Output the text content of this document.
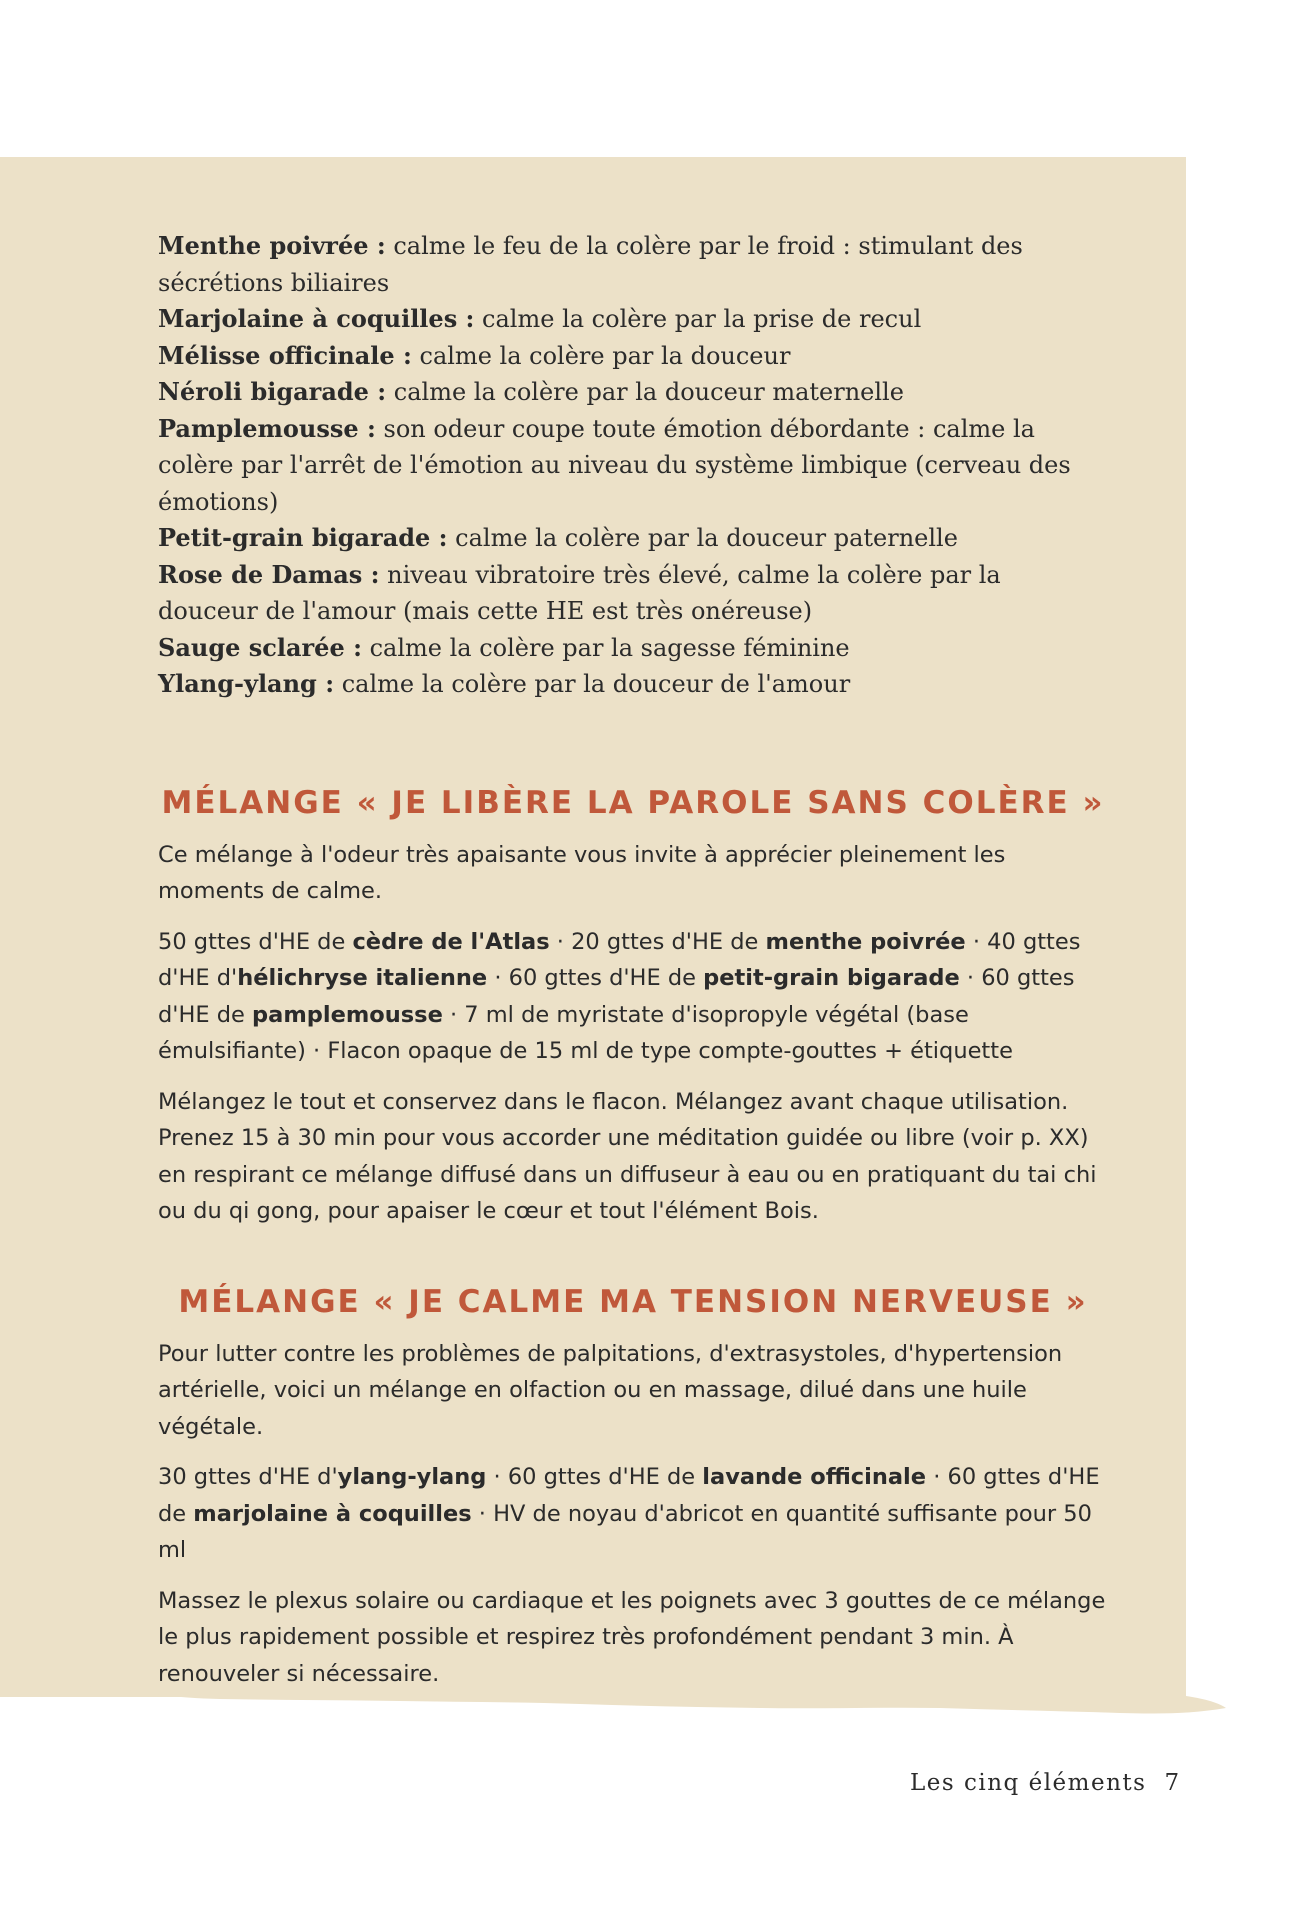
Menthe poivrée : calme le feu de la colère par le froid : stimulant des sécrétions biliaires

Marjolaine à coquilles : calme la colère par la prise de recul

Mélisse officinale : calme la colère par la douceur

Néroli bigarade : calme la colère par la douceur maternelle

Pamplemousse : son odeur coupe toute émotion débordante : calme la colère par l'arrêt de l'émotion au niveau du système limbique (cerveau des émotions)

Petit-grain bigarade : calme la colère par la douceur paternelle

Rose de Damas : niveau vibratoire très élevé, calme la colère par la douceur de l'amour (mais cette HE est très onéreuse)

Sauge sclarée : calme la colère par la sagesse féminine

Ylang-ylang : calme la colère par la douceur de l'amour

MÉLANGE « JE LIBÈRE LA PAROLE SANS COLÈRE »

Ce mélange à l'odeur très apaisante vous invite à apprécier pleinement les moments de calme.

50 gttes d'HE de cèdre de l'Atlas · 20 gttes d'HE de menthe poivrée · 40 gttes d'HE d'hélichryse italienne · 60 gttes d'HE de petit-grain bigarade · 60 gttes d'HE de pamplemousse · 7 ml de myristate d'isopropyle végétal (base émulsifiante) · Flacon opaque de 15 ml de type compte-gouttes + étiquette

Mélangez le tout et conservez dans le flacon. Mélangez avant chaque utilisation. Prenez 15 à 30 min pour vous accorder une méditation guidée ou libre (voir p. XX) en respirant ce mélange diffusé dans un diffuseur à eau ou en pratiquant du tai chi ou du qi gong, pour apaiser le cœur et tout l'élément Bois.

MÉLANGE « JE CALME MA TENSION NERVEUSE »

Pour lutter contre les problèmes de palpitations, d'extrasystoles, d'hypertension artérielle, voici un mélange en olfaction ou en massage, dilué dans une huile végétale.

30 gttes d'HE d'ylang-ylang · 60 gttes d'HE de lavande officinale · 60 gttes d'HE de marjolaine à coquilles · HV de noyau d'abricot en quantité suffisante pour 50 ml

Massez le plexus solaire ou cardiaque et les poignets avec 3 gouttes de ce mélange le plus rapidement possible et respirez très profondément pendant 3 min. À renouveler si nécessaire.

Les cinq éléments 7
